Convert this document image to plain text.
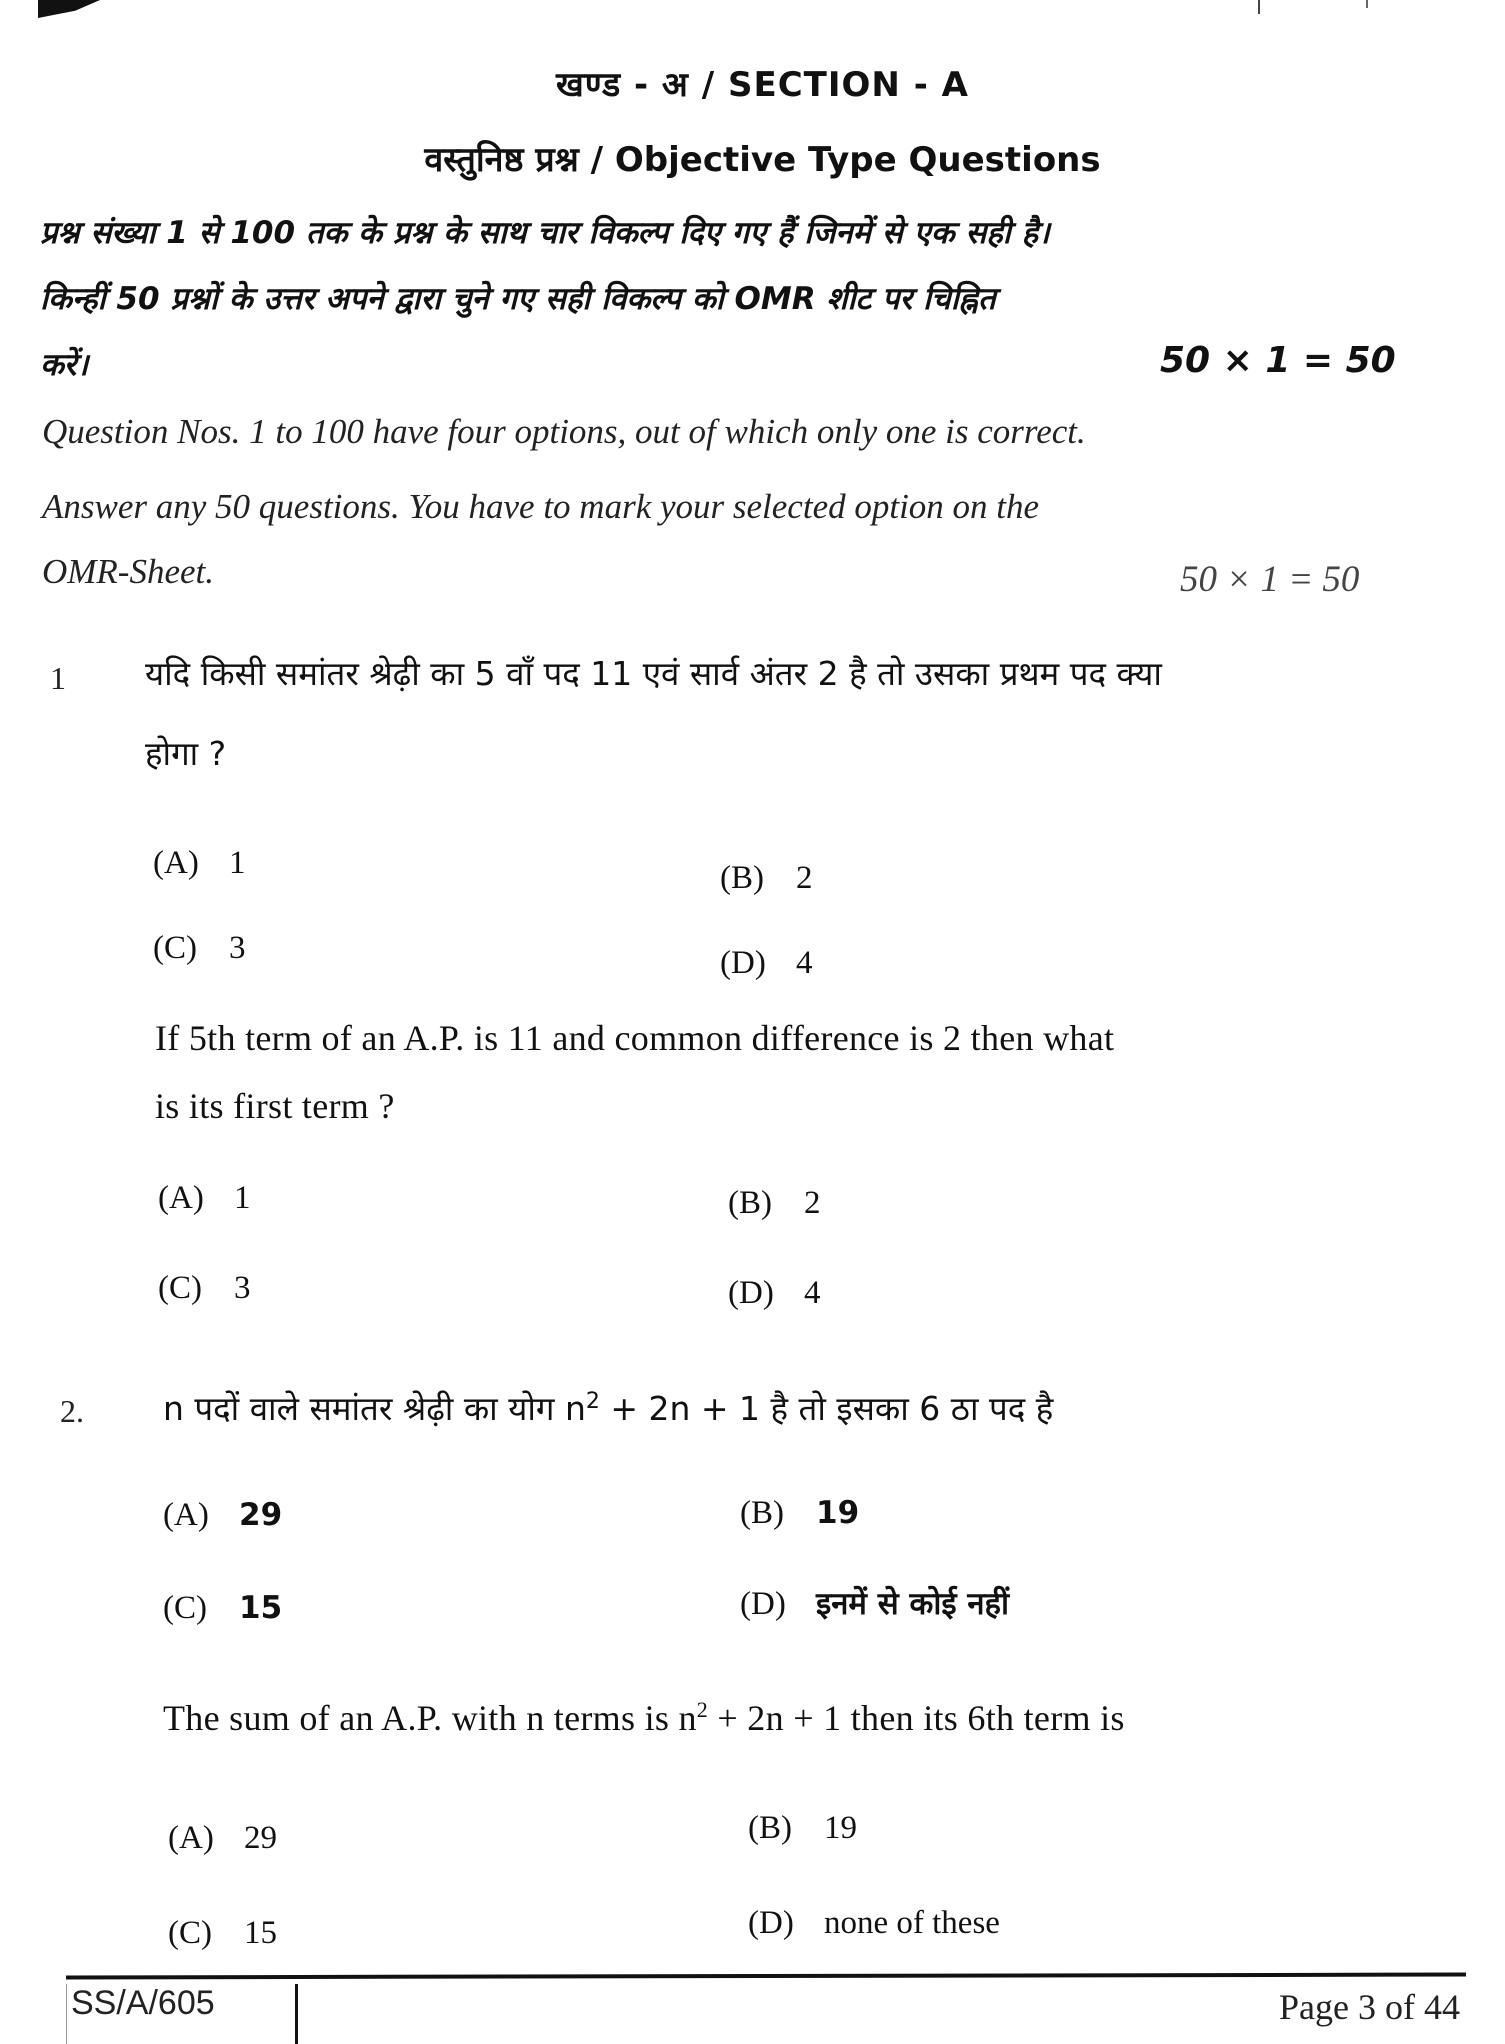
खण्ड - अ / SECTION - A
वस्तुनिष्ठ प्रश्न / Objective Type Questions
प्रश्न संख्या 1 से 100 तक के प्रश्न के साथ चार विकल्प दिए गए हैं जिनमें से एक सही है।
किन्हीं 50 प्रश्नों के उत्तर अपने द्वारा चुने गए सही विकल्प को OMR शीट पर चिह्नित
करें।	50 × 1 = 50
Question Nos. 1 to 100 have four options, out of which only one is correct.
Answer any 50 questions. You have to mark your selected option on the
OMR-Sheet.	50 × 1 = 50
1 यदि किसी समांतर श्रेढ़ी का 5 वाँ पद 11 एवं सार्व अंतर 2 है तो उसका प्रथम पद क्या
होगा ?
(A) 1	(B) 2
(C) 3	(D) 4
If 5th term of an A.P. is 11 and common difference is 2 then what
is its first term ?
(A) 1	(B) 2
(C) 3	(D) 4
2. n पदों वाले समांतर श्रेढ़ी का योग $n^2 + 2n + 1$ है तो इसका 6 ठा पद है
(A) 29	(B) 19
(C) 15	(D) इनमें से कोई नहीं
The sum of an A.P. with n terms is $n^2 + 2n + 1$ then its 6th term is
(A) 29	(B) 19
(C) 15	(D) none of these
SS/A/605	Page 3 of 44
